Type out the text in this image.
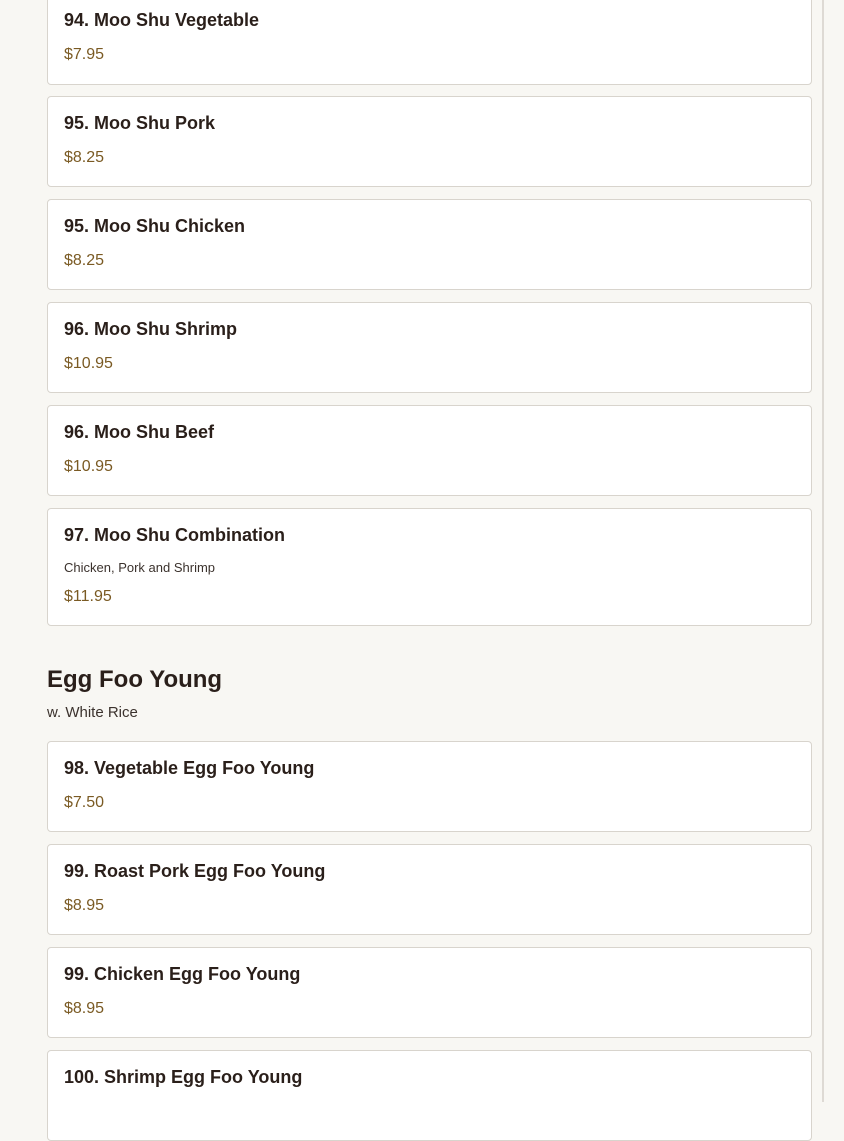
94. Moo Shu Vegetable
$7.95
95. Moo Shu Pork
$8.25
95. Moo Shu Chicken
$8.25
96. Moo Shu Shrimp
$10.95
96. Moo Shu Beef
$10.95
97. Moo Shu Combination
Chicken, Pork and Shrimp
$11.95
Egg Foo Young
w. White Rice
98. Vegetable Egg Foo Young
$7.50
99. Roast Pork Egg Foo Young
$8.95
99. Chicken Egg Foo Young
$8.95
100. Shrimp Egg Foo Young
